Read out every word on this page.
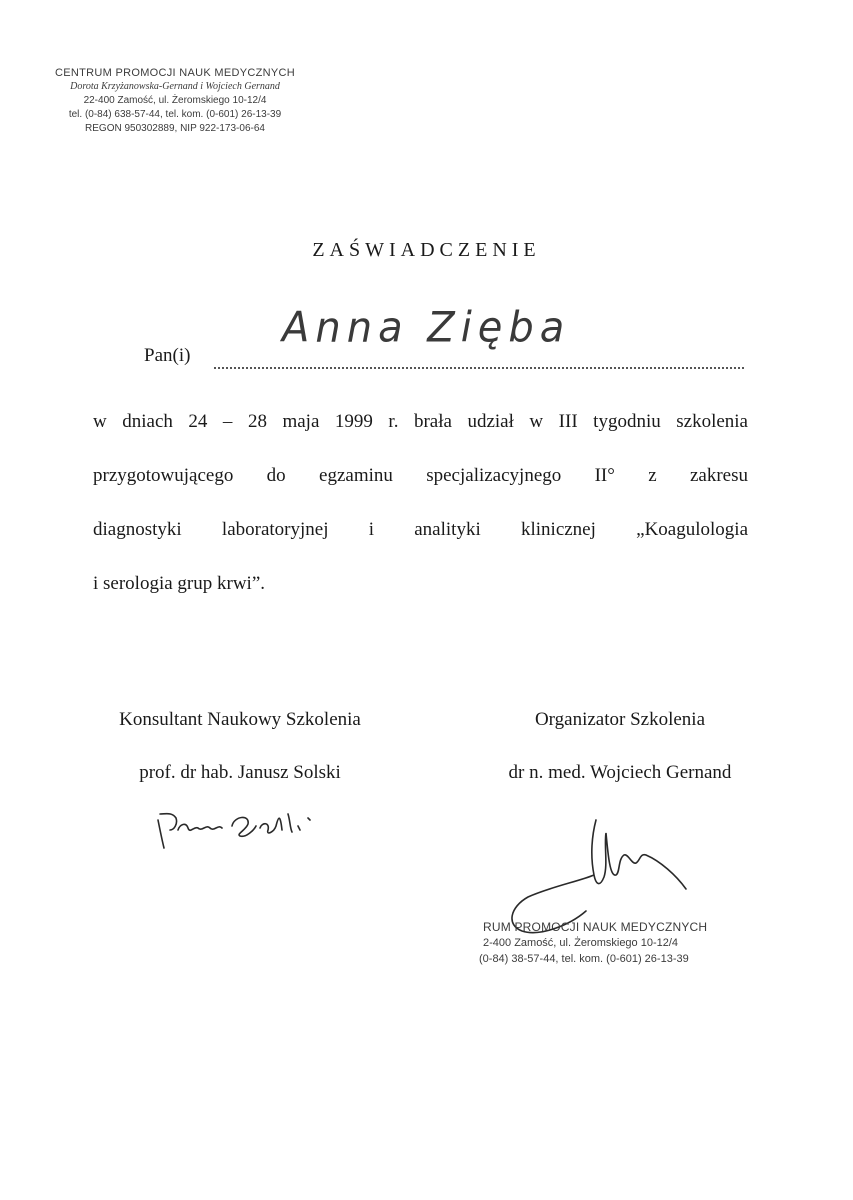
CENTRUM PROMOCJI NAUK MEDYCZNYCH
Dorota Krzyżanowska-Gernand i Wojciech Gernand
22-400 Zamość, ul. Żeromskiego 10-12/4
tel. (0-84) 638-57-44, tel. kom. (0-601) 26-13-39
REGON 950302889, NIP 922-173-06-64
ZAŚWIADCZENIE
Pan(i)
Anna Zięba
w dniach 24 – 28 maja 1999 r. brała udział w III tygodniu szkolenia
przygotowującego do egzaminu specjalizacyjnego II° z zakresu
diagnostyki laboratoryjnej i analityki klinicznej „Koagulologia
i serologia grup krwi”.
Konsultant Naukowy Szkolenia
prof. dr hab. Janusz Solski
Organizator Szkolenia
dr n. med. Wojciech Gernand
RUM PROMOCJI NAUK MEDYCZNYCH
2-400 Zamość, ul. Żeromskiego 10-12/4
(0-84) 38-57-44, tel. kom. (0-601) 26-13-39
